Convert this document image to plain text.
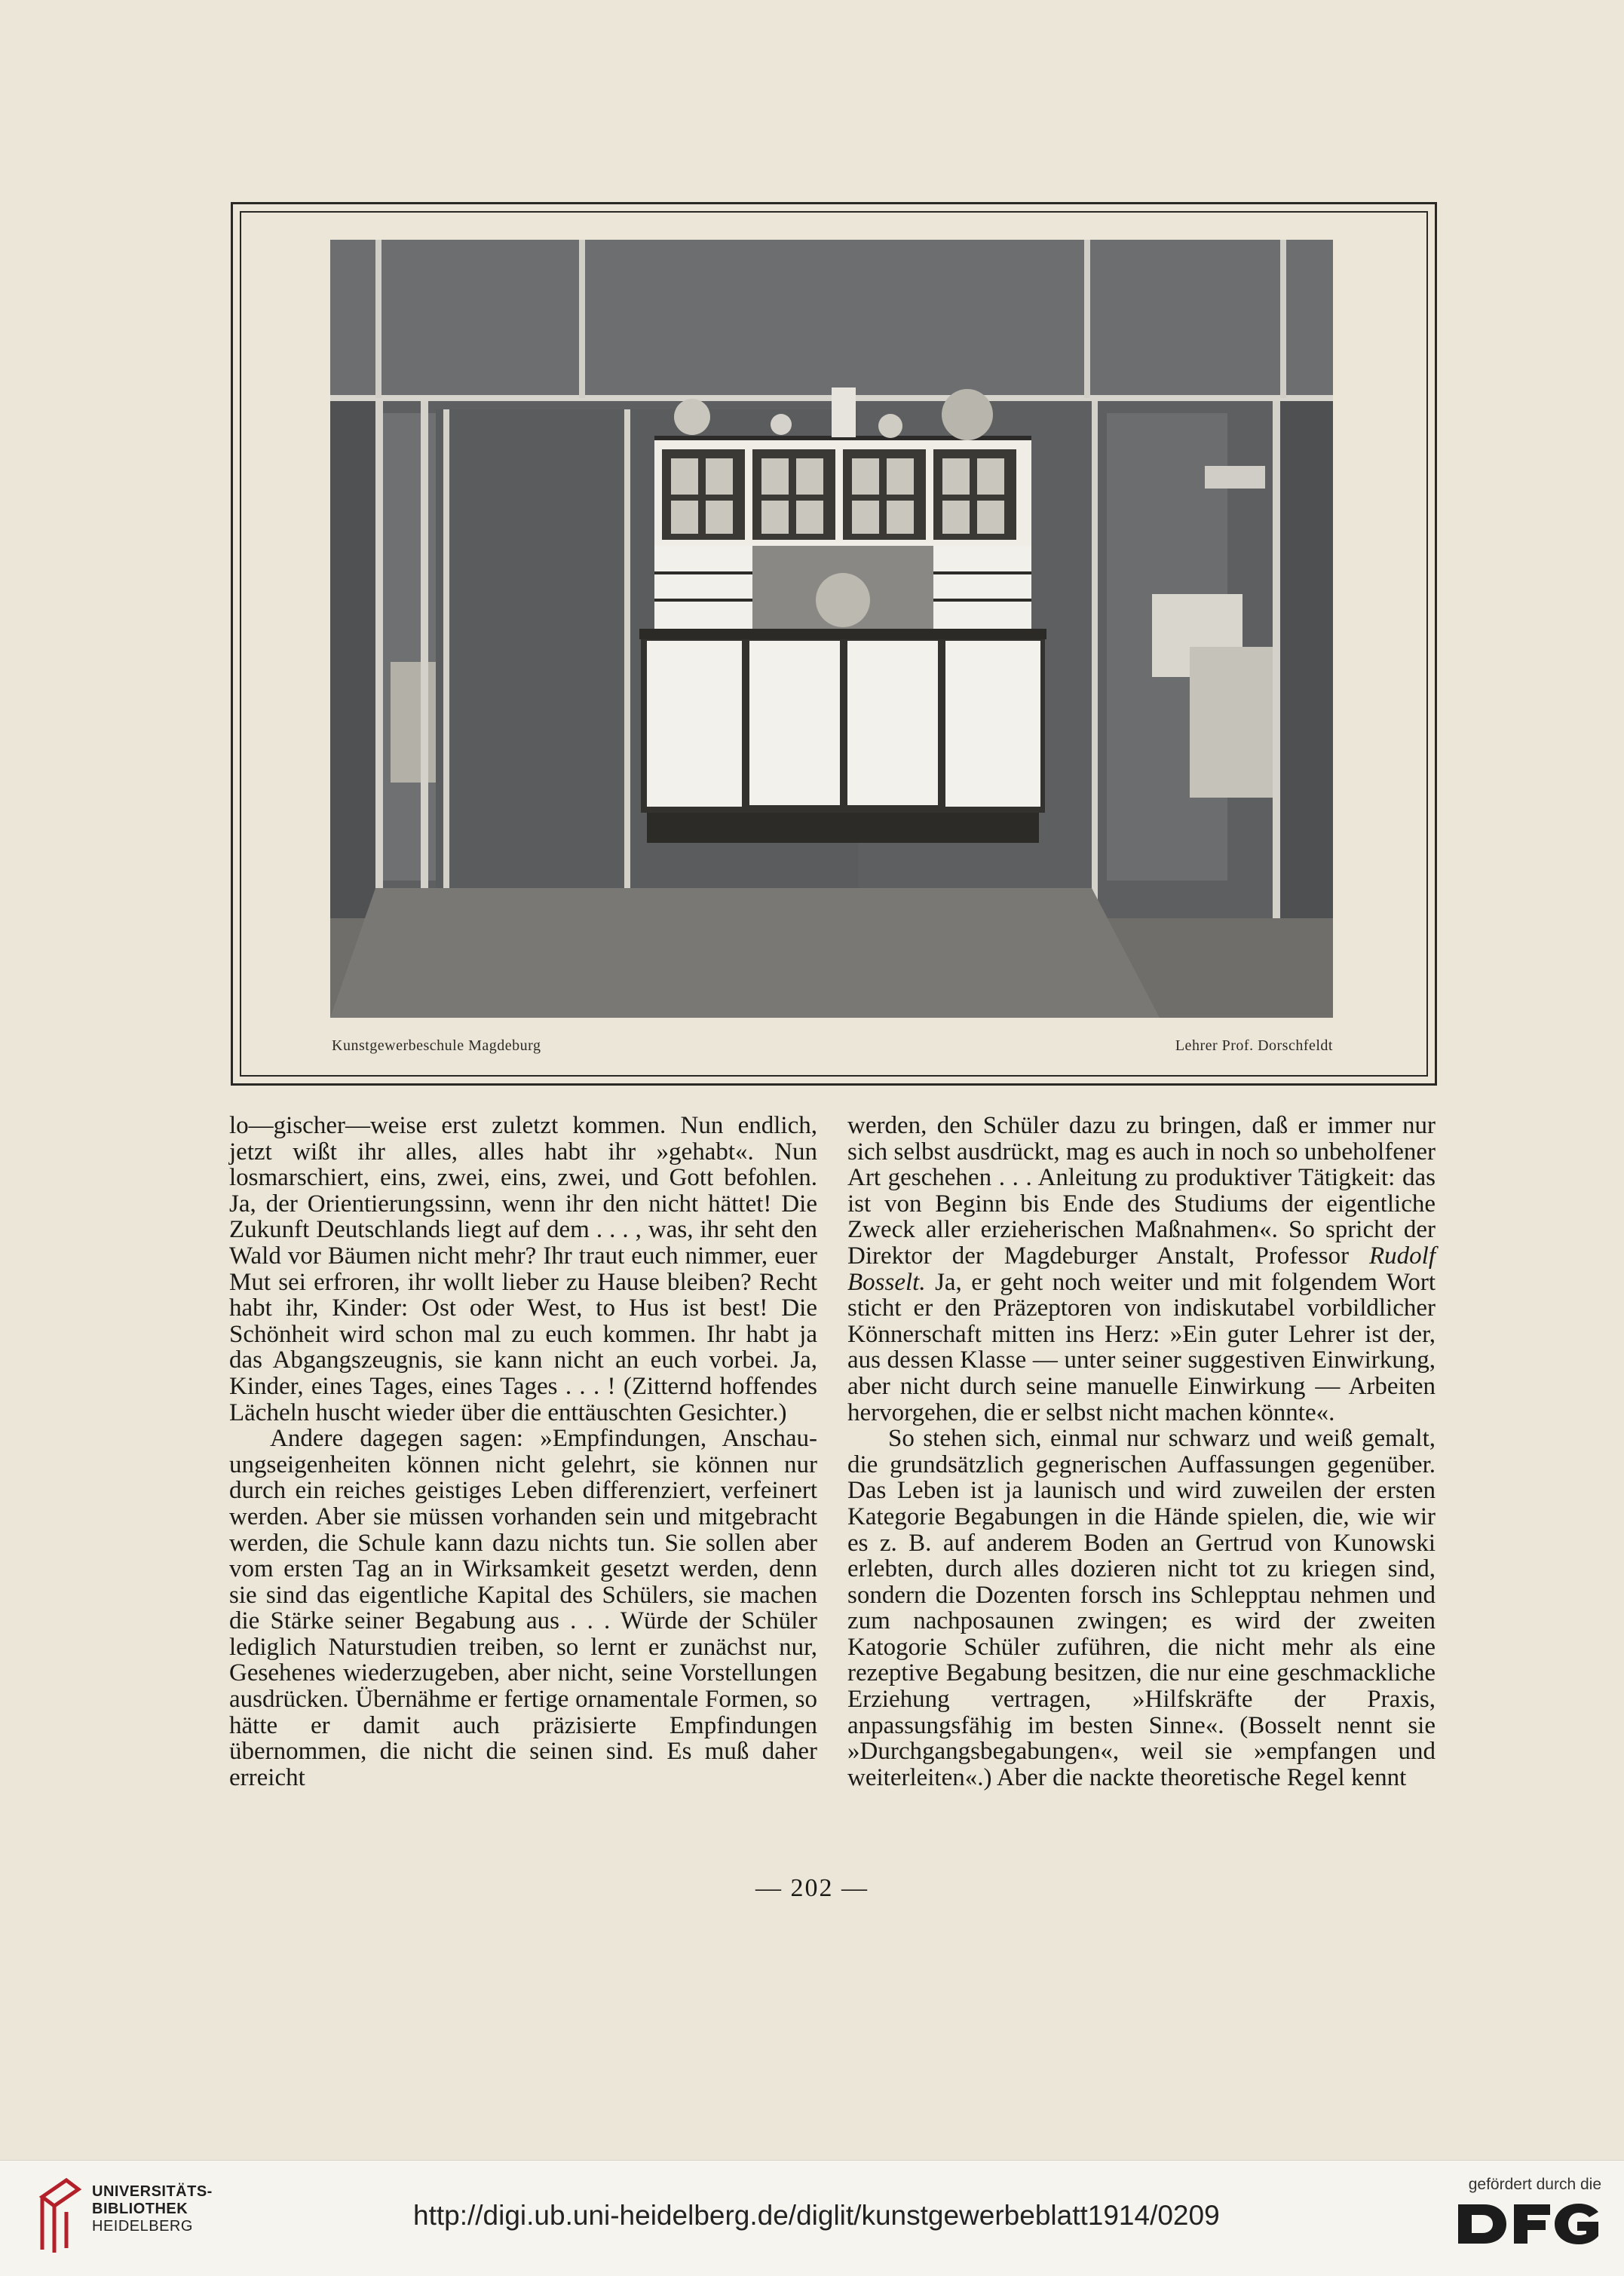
Kunstgewerbeschule Magdeburg	Lehrer Prof. Dorschfeldt

lo—gischer—weise erst zuletzt kommen. Nun endlich, jetzt wißt ihr alles, alles habt ihr »gehabt«. Nun losmarschiert, eins, zwei, eins, zwei, und Gott befohlen. Ja, der Orientierungssinn, wenn ihr den nicht hättet! Die Zukunft Deutschlands liegt auf dem . . . , was, ihr seht den Wald vor Bäumen nicht mehr? Ihr traut euch nimmer, euer Mut sei erfroren, ihr wollt lieber zu Hause bleiben? Recht habt ihr, Kinder: Ost oder West, to Hus ist best! Die Schönheit wird schon mal zu euch kommen. Ihr habt ja das Abgangszeugnis, sie kann nicht an euch vorbei. Ja, Kinder, eines Tages, eines Tages . . . ! (Zitternd hoffendes Lächeln huscht wieder über die enttäuschten Gesichter.)

Andere dagegen sagen: »Empfindungen, Anschauungseigenheiten können nicht gelehrt, sie können nur durch ein reiches geistiges Leben differenziert, verfeinert werden. Aber sie müssen vorhanden sein und mitgebracht werden, die Schule kann dazu nichts tun. Sie sollen aber vom ersten Tag an in Wirksamkeit gesetzt werden, denn sie sind das eigentliche Kapital des Schülers, sie machen die Stärke seiner Begabung aus . . . Würde der Schüler lediglich Naturstudien treiben, so lernt er zunächst nur, Gesehenes wiederzugeben, aber nicht, seine Vorstellungen ausdrücken. Übernähme er fertige ornamentale Formen, so hätte er damit auch präzisierte Empfindungen übernommen, die nicht die seinen sind. Es muß daher erreicht

werden, den Schüler dazu zu bringen, daß er immer nur sich selbst ausdrückt, mag es auch in noch so unbeholfener Art geschehen . . . Anleitung zu produktiver Tätigkeit: das ist von Beginn bis Ende des Studiums der eigentliche Zweck aller erzieherischen Maßnahmen«. So spricht der Direktor der Magdeburger Anstalt, Professor Rudolf Bosselt. Ja, er geht noch weiter und mit folgendem Wort sticht er den Präzeptoren von indiskutabel vorbildlicher Könnerschaft mitten ins Herz: »Ein guter Lehrer ist der, aus dessen Klasse — unter seiner suggestiven Einwirkung, aber nicht durch seine manuelle Einwirkung — Arbeiten hervorgehen, die er selbst nicht machen könnte«.

So stehen sich, einmal nur schwarz und weiß gemalt, die grundsätzlich gegnerischen Auffassungen gegenüber. Das Leben ist ja launisch und wird zuweilen der ersten Kategorie Begabungen in die Hände spielen, die, wie wir es z. B. auf anderem Boden an Gertrud von Kunowski erlebten, durch alles dozieren nicht tot zu kriegen sind, sondern die Dozenten forsch ins Schlepptau nehmen und zum nachposaunen zwingen; es wird der zweiten Katogorie Schüler zuführen, die nicht mehr als eine rezeptive Begabung besitzen, die nur eine geschmackliche Erziehung vertragen, »Hilfskräfte der Praxis, anpassungsfähig im besten Sinne«. (Bosselt nennt sie »Durchgangsbegabungen«, weil sie »empfangen und weiterleiten«.) Aber die nackte theoretische Regel kennt

— 202 —
UNIVERSITÄTS-
BIBLIOTHEK
HEIDELBERG	http://digi.ub.uni-heidelberg.de/diglit/kunstgewerbeblatt1914/0209
gefördert durch die
